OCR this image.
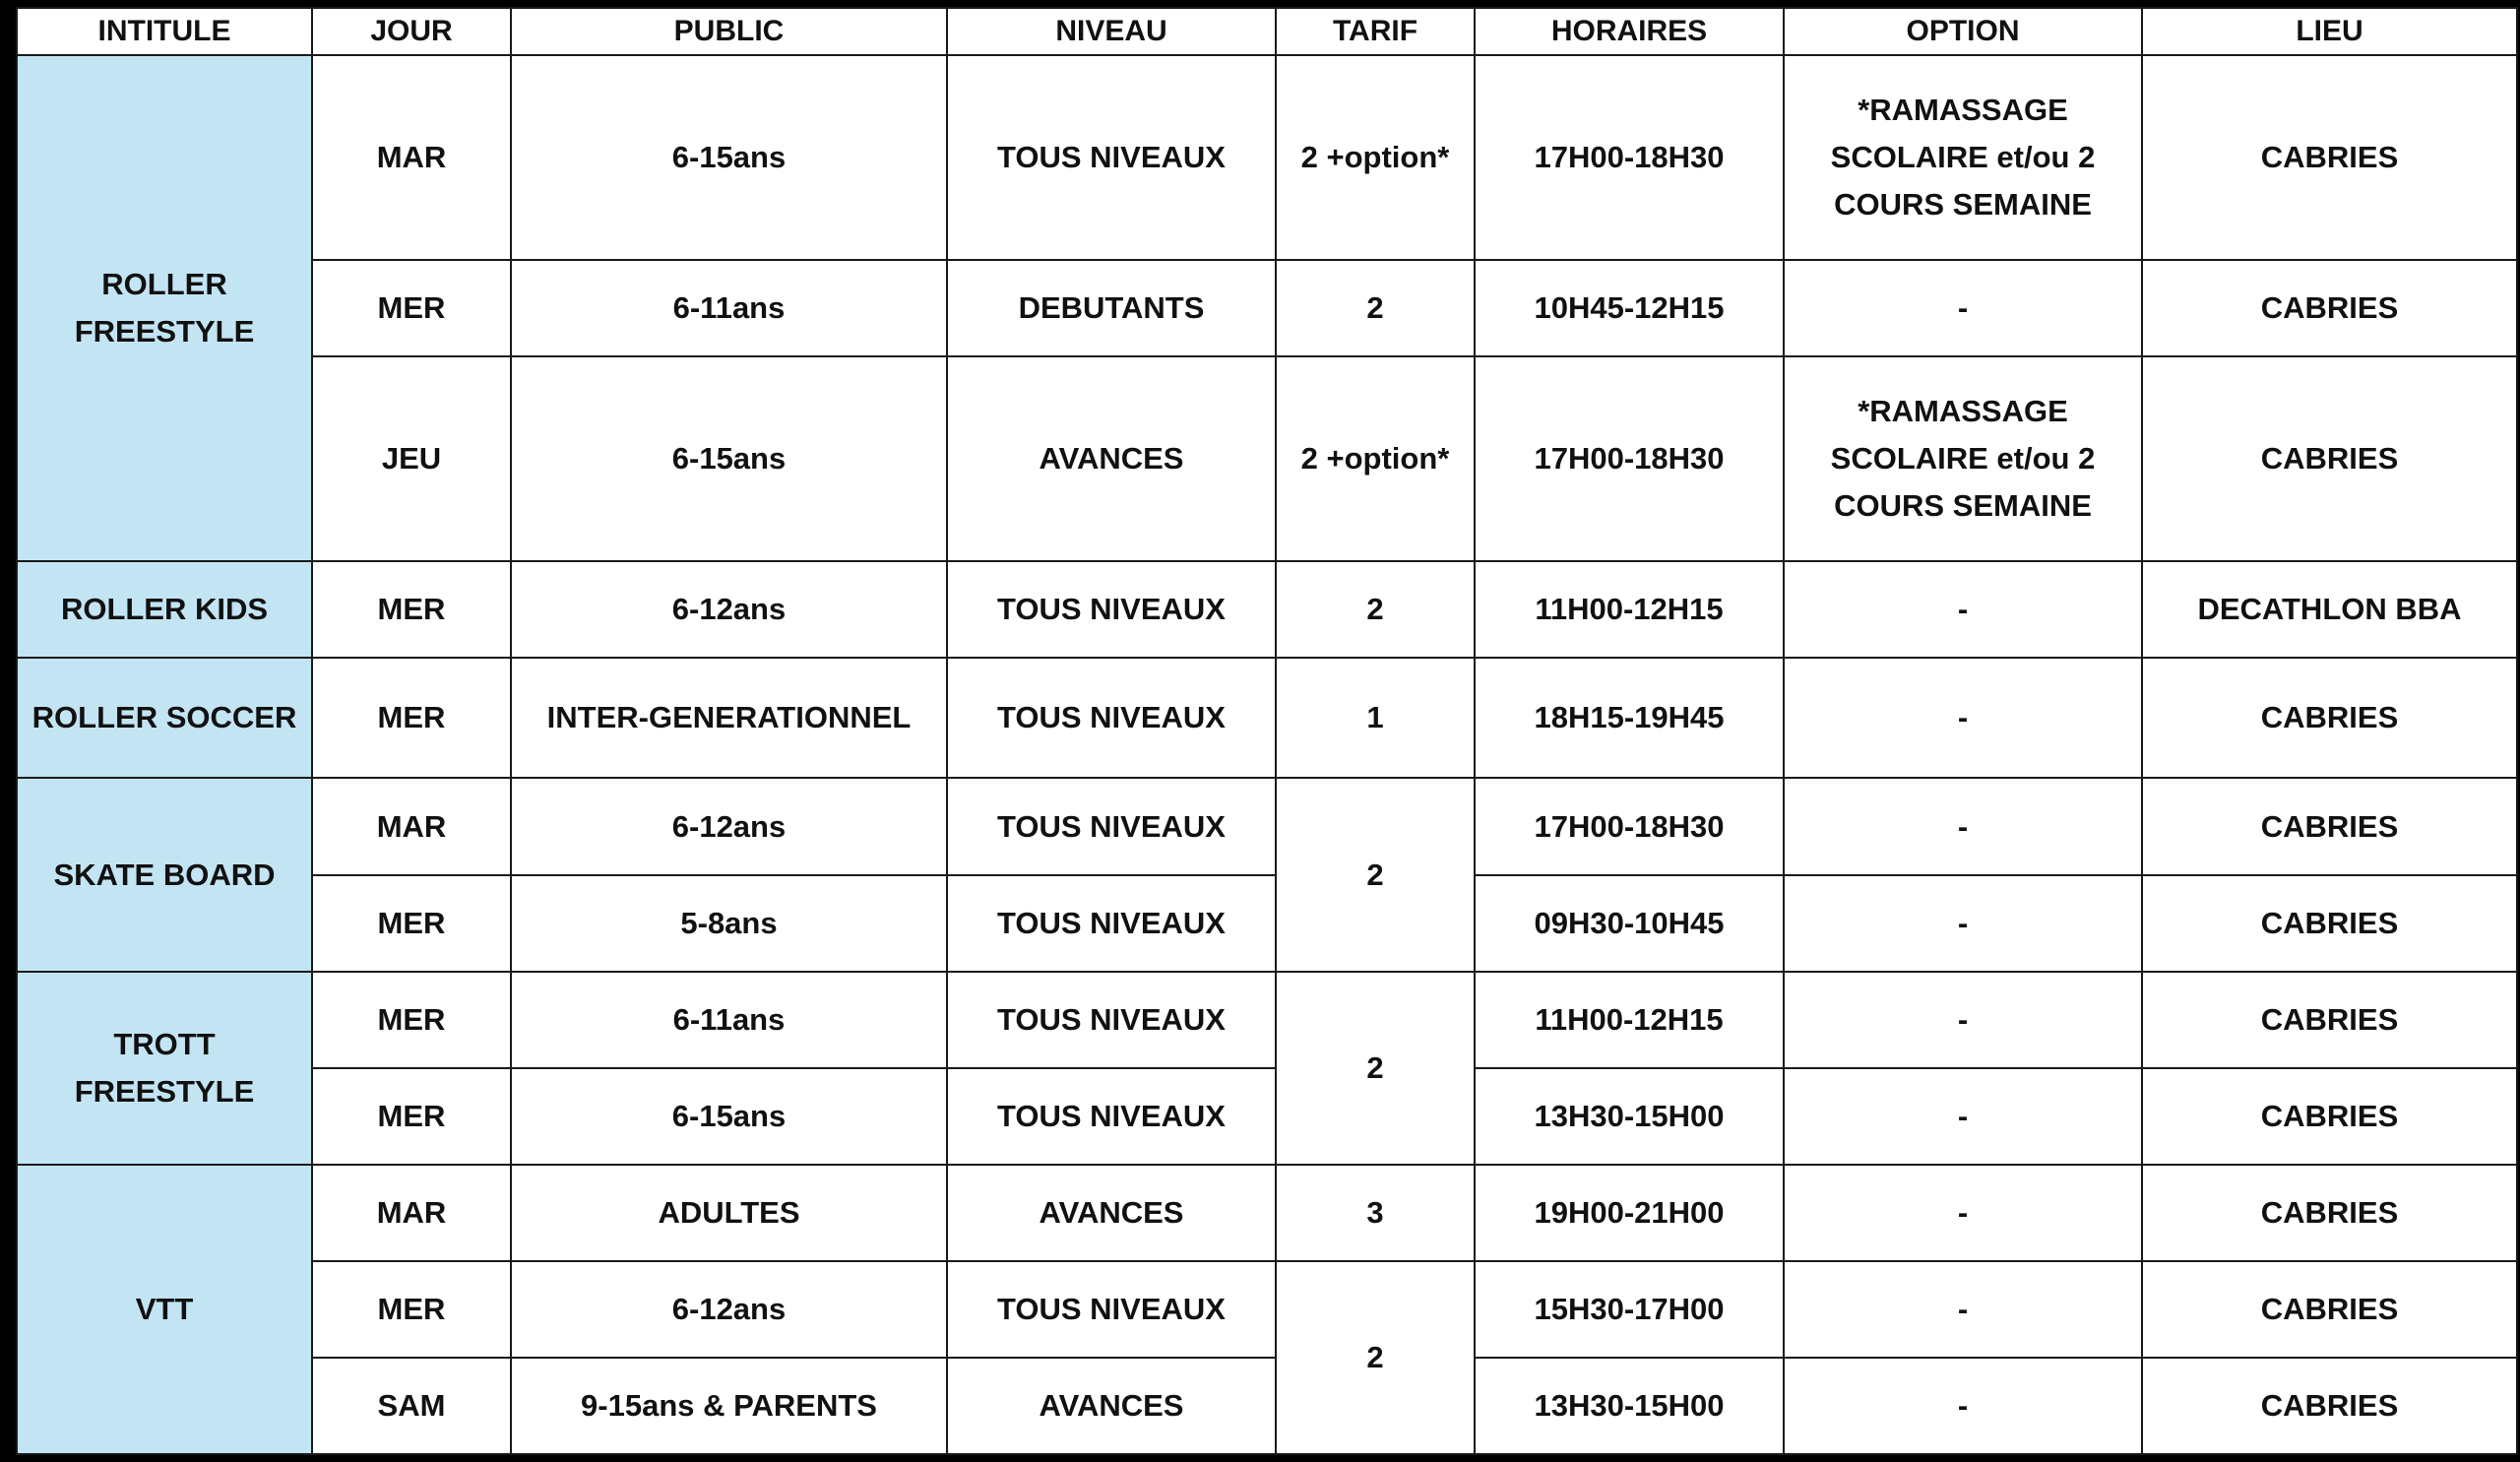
INTITULE	JOUR	PUBLIC	NIVEAU	TARIF	HORAIRES	OPTION	LIEU
ROLLER FREESTYLE	MAR	6-15ans	TOUS NIVEAUX	2 +option*	17H00-18H30	*RAMASSAGE SCOLAIRE et/ou 2 COURS SEMAINE	CABRIES
	MER	6-11ans	DEBUTANTS	2	10H45-12H15	-	CABRIES
	JEU	6-15ans	AVANCES	2 +option*	17H00-18H30	*RAMASSAGE SCOLAIRE et/ou 2 COURS SEMAINE	CABRIES
ROLLER KIDS	MER	6-12ans	TOUS NIVEAUX	2	11H00-12H15	-	DECATHLON BBA
ROLLER SOCCER	MER	INTER-GENERATIONNEL	TOUS NIVEAUX	1	18H15-19H45	-	CABRIES
SKATE BOARD	MAR	6-12ans	TOUS NIVEAUX	2	17H00-18H30	-	CABRIES
	MER	5-8ans	TOUS NIVEAUX		09H30-10H45	-	CABRIES
TROTT FREESTYLE	MER	6-11ans	TOUS NIVEAUX	2	11H00-12H15	-	CABRIES
	MER	6-15ans	TOUS NIVEAUX		13H30-15H00	-	CABRIES
VTT	MAR	ADULTES	AVANCES	3	19H00-21H00	-	CABRIES
	MER	6-12ans	TOUS NIVEAUX	2	15H30-17H00	-	CABRIES
	SAM	9-15ans & PARENTS	AVANCES		13H30-15H00	-	CABRIES
